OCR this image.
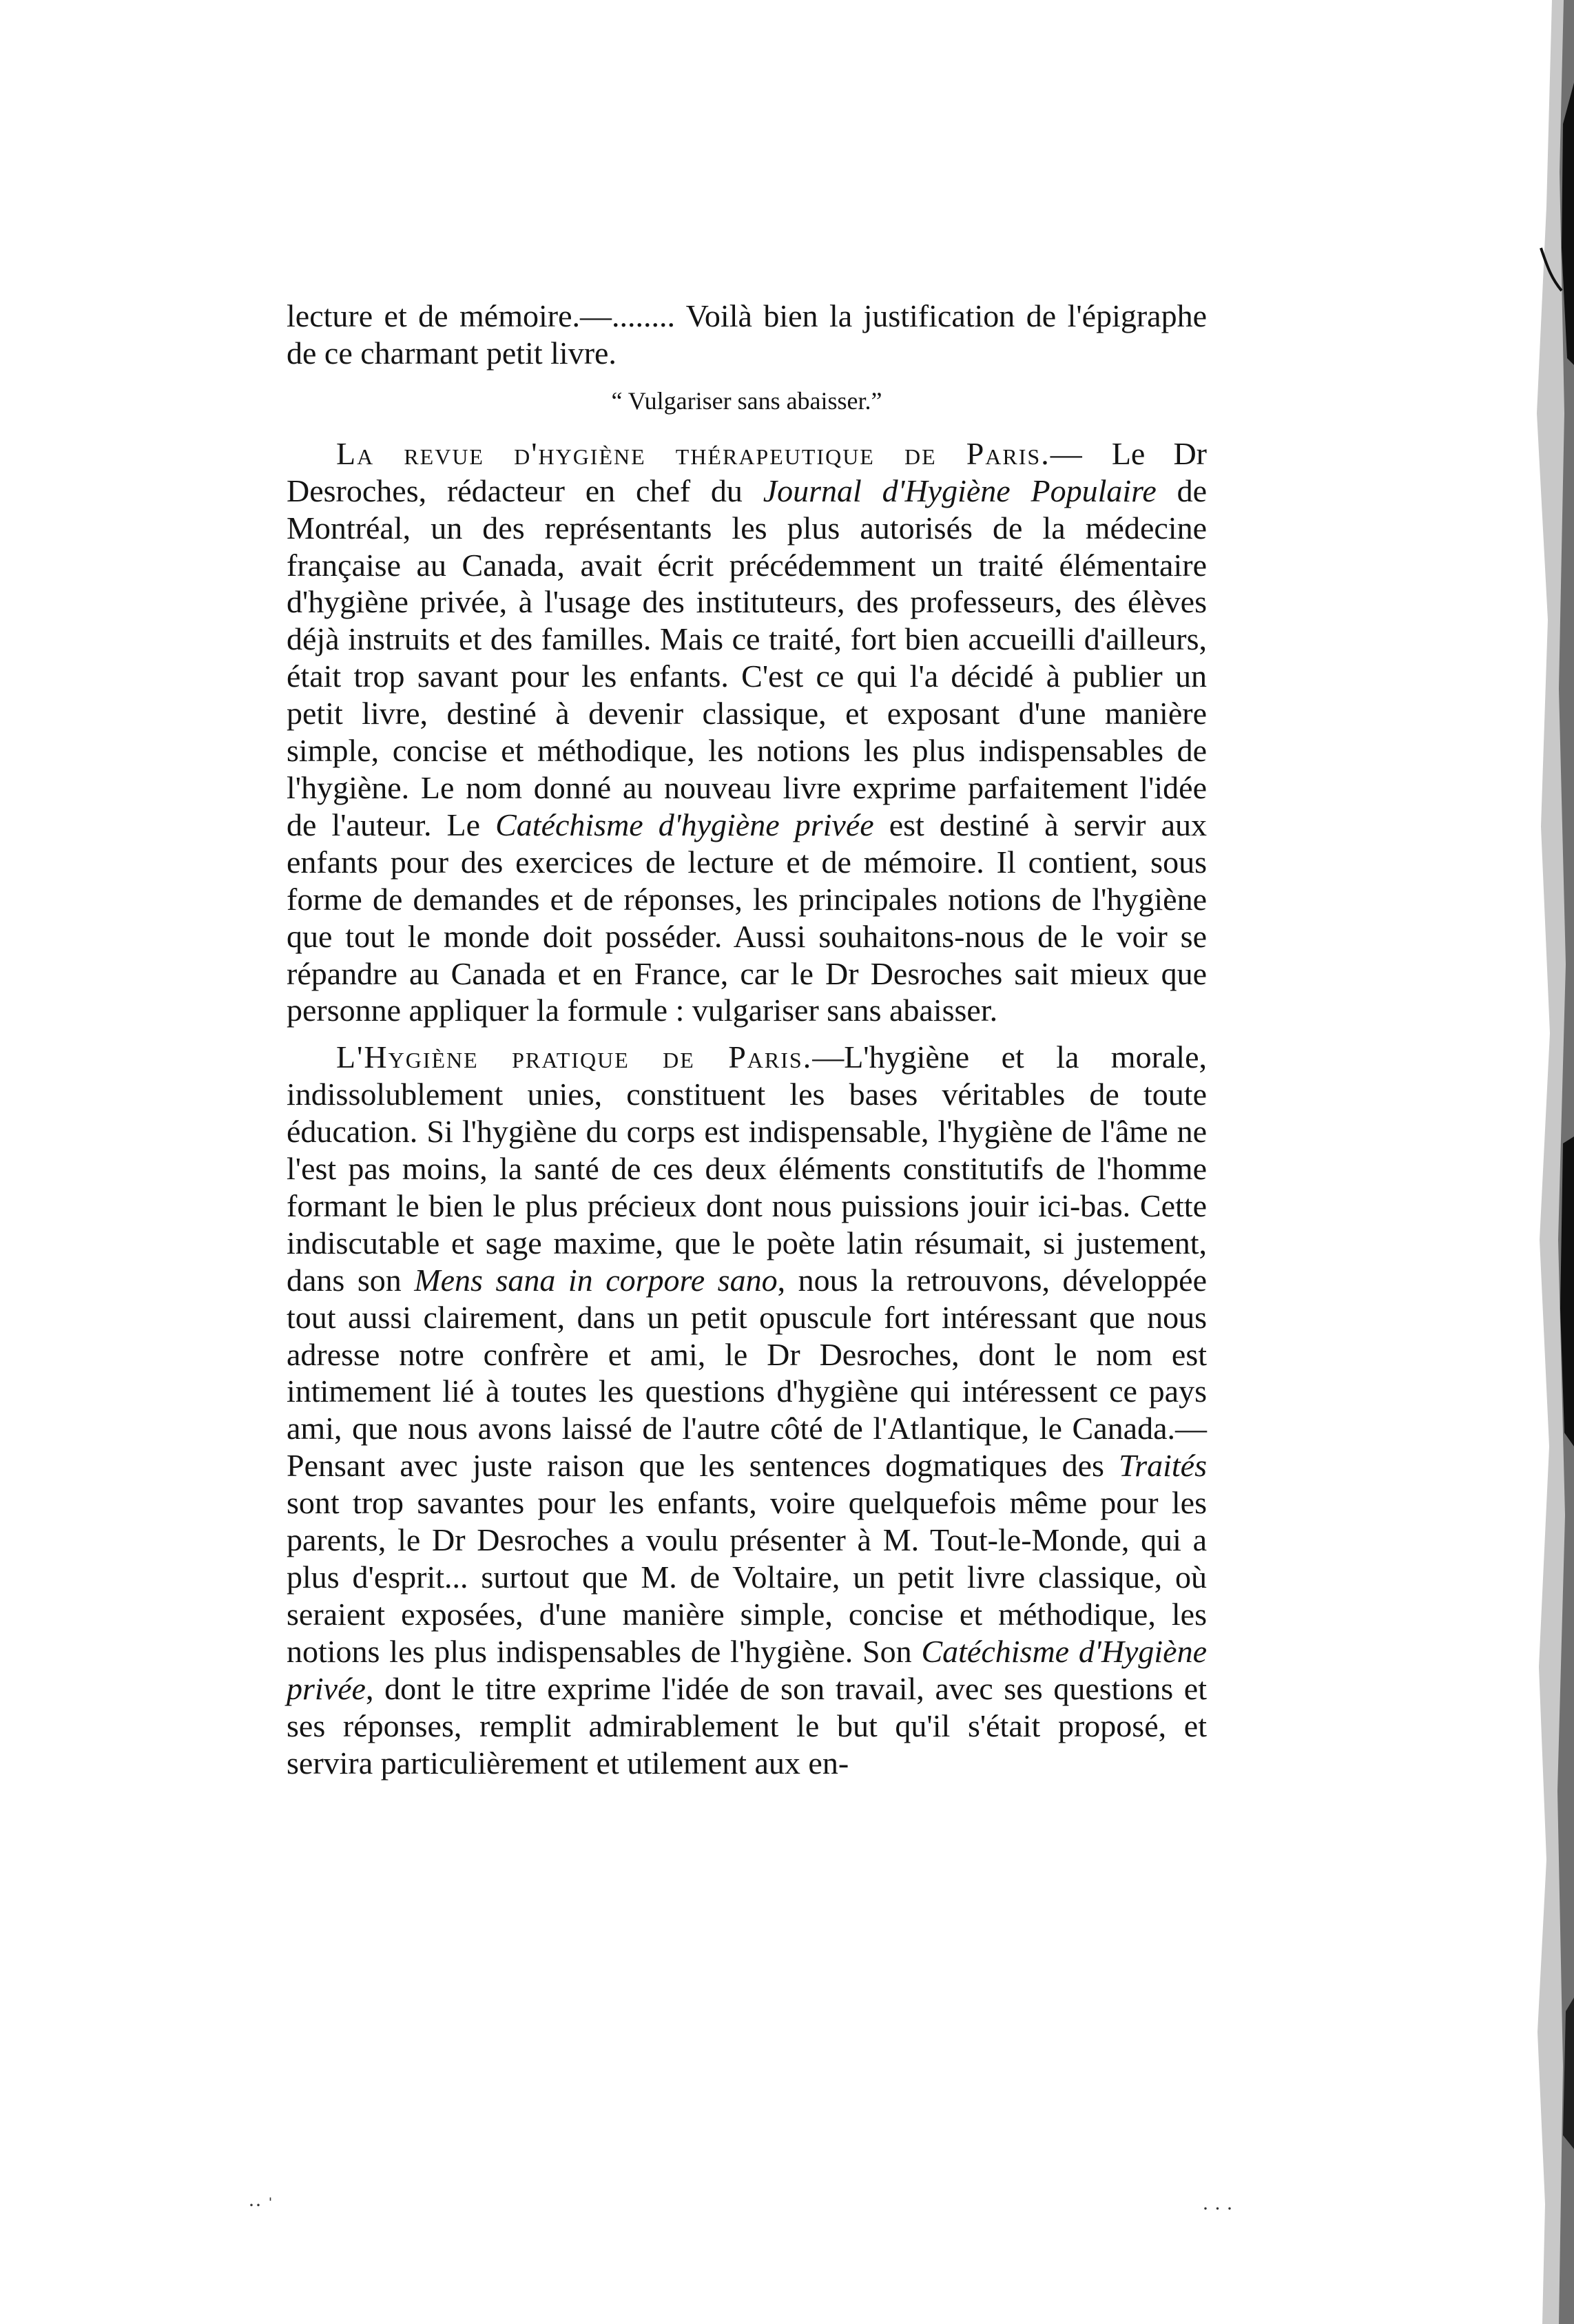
lecture et de mémoire.—........ Voilà bien la justification de l'épigraphe de ce charmant petit livre.

“ Vulgariser sans abaisser.”

La revue d'hygiène thérapeutique de Paris.— Le Dr Desroches, rédacteur en chef du Journal d'Hygiène Populaire de Montréal, un des représentants les plus autorisés de la médecine française au Canada, avait écrit précédemment un traité élémentaire d'hygiène privée, à l'usage des instituteurs, des professeurs, des élèves déjà instruits et des familles. Mais ce traité, fort bien accueilli d'ailleurs, était trop savant pour les enfants. C'est ce qui l'a décidé à publier un petit livre, destiné à devenir classique, et exposant d'une manière simple, concise et méthodique, les notions les plus indispensables de l'hygiène. Le nom donné au nouveau livre exprime parfaitement l'idée de l'auteur. Le Catéchisme d'hygiène privée est destiné à servir aux enfants pour des exercices de lecture et de mémoire. Il contient, sous forme de demandes et de réponses, les principales notions de l'hygiène que tout le monde doit posséder. Aussi souhaitons-nous de le voir se répandre au Canada et en France, car le Dr Desroches sait mieux que personne appliquer la formule : vulgariser sans abaisser.

L'Hygiène pratique de Paris.—L'hygiène et la morale, indissolublement unies, constituent les bases véritables de toute éducation. Si l'hygiène du corps est indispensable, l'hygiène de l'âme ne l'est pas moins, la santé de ces deux éléments constitutifs de l'homme formant le bien le plus précieux dont nous puissions jouir ici-bas. Cette indiscutable et sage maxime, que le poète latin résumait, si justement, dans son Mens sana in corpore sano, nous la retrouvons, développée tout aussi clairement, dans un petit opuscule fort intéressant que nous adresse notre confrère et ami, le Dr Desroches, dont le nom est intimement lié à toutes les questions d'hygiène qui intéressent ce pays ami, que nous avons laissé de l'autre côté de l'Atlantique, le Canada.—Pensant avec juste raison que les sentences dogmatiques des Traités sont trop savantes pour les enfants, voire quelquefois même pour les parents, le Dr Desroches a voulu présenter à M. Tout-le-Monde, qui a plus d'esprit... surtout que M. de Voltaire, un petit livre classique, où seraient exposées, d'une manière simple, concise et méthodique, les notions les plus indispensables de l'hygiène. Son Catéchisme d'Hygiène privée, dont le titre exprime l'idée de son travail, avec ses questions et ses réponses, remplit admirablement le but qu'il s'était proposé, et servira particulièrement et utilement aux en-

·· ˈ	· · ·
